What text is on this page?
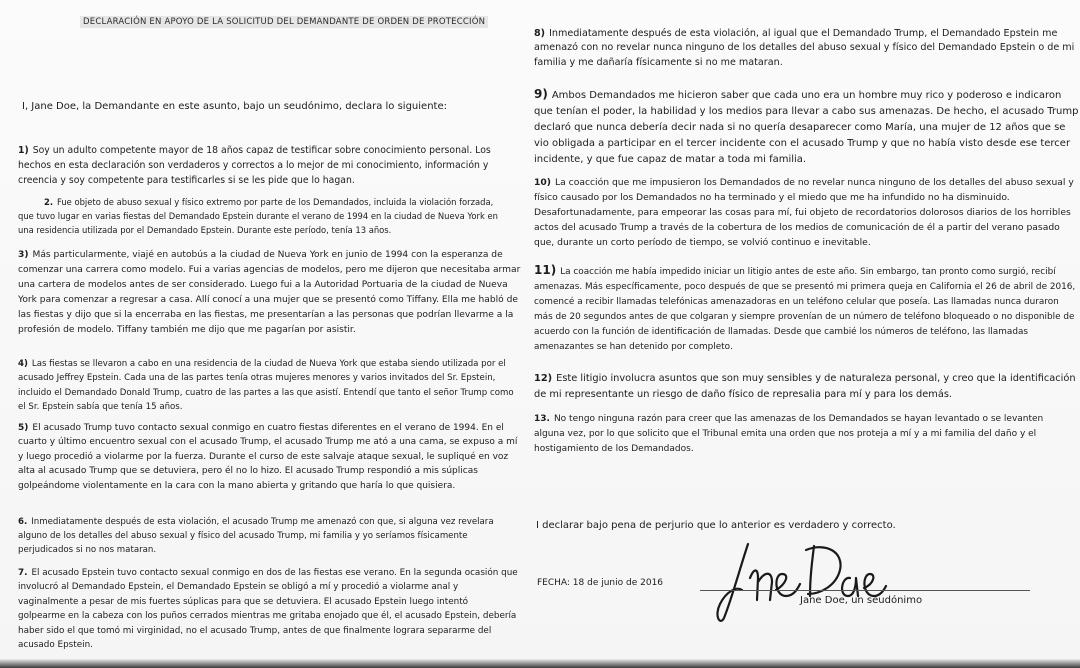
DECLARACIÓN EN APOYO DE LA SOLICITUD DEL DEMANDANTE DE ORDEN DE PROTECCIÓN

I, Jane Doe, la Demandante en este asunto, bajo un seudónimo, declara lo siguiente:

1) Soy un adulto competente mayor de 18 años capaz de testificar sobre conocimiento personal. Los hechos en esta declaración son verdaderos y correctos a lo mejor de mi conocimiento, información y creencia y soy competente para testificarles si se les pide que lo hagan.

2. Fue objeto de abuso sexual y físico extremo por parte de los Demandados, incluida la violación forzada, que tuvo lugar en varias fiestas del Demandado Epstein durante el verano de 1994 en la ciudad de Nueva York en una residencia utilizada por el Demandado Epstein. Durante este período, tenía 13 años.

3) Más particularmente, viajé en autobús a la ciudad de Nueva York en junio de 1994 con la esperanza de comenzar una carrera como modelo. Fui a varias agencias de modelos, pero me dijeron que necesitaba armar una cartera de modelos antes de ser considerado. Luego fui a la Autoridad Portuaria de la ciudad de Nueva York para comenzar a regresar a casa. Allí conocí a una mujer que se presentó como Tiffany. Ella me habló de las fiestas y dijo que si la encerraba en las fiestas, me presentarían a las personas que podrían llevarme a la profesión de modelo. Tiffany también me dijo que me pagarían por asistir.

4) Las fiestas se llevaron a cabo en una residencia de la ciudad de Nueva York que estaba siendo utilizada por el acusado Jeffrey Epstein. Cada una de las partes tenía otras mujeres menores y varios invitados del Sr. Epstein, incluido el Demandado Donald Trump, cuatro de las partes a las que asistí. Entendí que tanto el señor Trump como el Sr. Epstein sabía que tenía 15 años.

5) El acusado Trump tuvo contacto sexual conmigo en cuatro fiestas diferentes en el verano de 1994. En el cuarto y último encuentro sexual con el acusado Trump, el acusado Trump me ató a una cama, se expuso a mí y luego procedió a violarme por la fuerza. Durante el curso de este salvaje ataque sexual, le supliqué en voz alta al acusado Trump que se detuviera, pero él no lo hizo. El acusado Trump respondió a mis súplicas golpeándome violentamente en la cara con la mano abierta y gritando que haría lo que quisiera.

6. Inmediatamente después de esta violación, el acusado Trump me amenazó con que, si alguna vez revelara alguno de los detalles del abuso sexual y físico del acusado Trump, mi familia y yo seríamos físicamente perjudicados si no nos mataran.

7. El acusado Epstein tuvo contacto sexual conmigo en dos de las fiestas ese verano. En la segunda ocasión que involucró al Demandado Epstein, el Demandado Epstein se obligó a mí y procedió a violarme anal y vaginalmente a pesar de mis fuertes súplicas para que se detuviera. El acusado Epstein luego intentó golpearme en la cabeza con los puños cerrados mientras me gritaba enojado que él, el acusado Epstein, debería haber sido el que tomó mi virginidad, no el acusado Trump, antes de que finalmente lograra separarme del acusado Epstein.

8) Inmediatamente después de esta violación, al igual que el Demandado Trump, el Demandado Epstein me amenazó con no revelar nunca ninguno de los detalles del abuso sexual y físico del Demandado Epstein o de mi familia y me dañaría físicamente si no me mataran.

9) Ambos Demandados me hicieron saber que cada uno era un hombre muy rico y poderoso e indicaron que tenían el poder, la habilidad y los medios para llevar a cabo sus amenazas. De hecho, el acusado Trump declaró que nunca debería decir nada si no quería desaparecer como María, una mujer de 12 años que se vio obligada a participar en el tercer incidente con el acusado Trump y que no había visto desde ese tercer incidente, y que fue capaz de matar a toda mi familia.

10) La coacción que me impusieron los Demandados de no revelar nunca ninguno de los detalles del abuso sexual y físico causado por los Demandados no ha terminado y el miedo que me ha infundido no ha disminuido. Desafortunadamente, para empeorar las cosas para mí, fui objeto de recordatorios dolorosos diarios de los horribles actos del acusado Trump a través de la cobertura de los medios de comunicación de él a partir del verano pasado que, durante un corto período de tiempo, se volvió continuo e inevitable.

11) La coacción me había impedido iniciar un litigio antes de este año. Sin embargo, tan pronto como surgió, recibí amenazas. Más específicamente, poco después de que se presentó mi primera queja en California el 26 de abril de 2016, comencé a recibir llamadas telefónicas amenazadoras en un teléfono celular que poseía. Las llamadas nunca duraron más de 20 segundos antes de que colgaran y siempre provenían de un número de teléfono bloqueado o no disponible de acuerdo con la función de identificación de llamadas. Desde que cambié los números de teléfono, las llamadas amenazantes se han detenido por completo.

12) Este litigio involucra asuntos que son muy sensibles y de naturaleza personal, y creo que la identificación de mi representante un riesgo de daño físico de represalia para mí y para los demás.

13. No tengo ninguna razón para creer que las amenazas de los Demandados se hayan levantado o se levanten alguna vez, por lo que solicito que el Tribunal emita una orden que nos proteja a mí y a mi familia del daño y el hostigamiento de los Demandados.

I declarar bajo pena de perjurio que lo anterior es verdadero y correcto.

FECHA: 18 de junio de 2016
Jane Doe, un seudónimo
